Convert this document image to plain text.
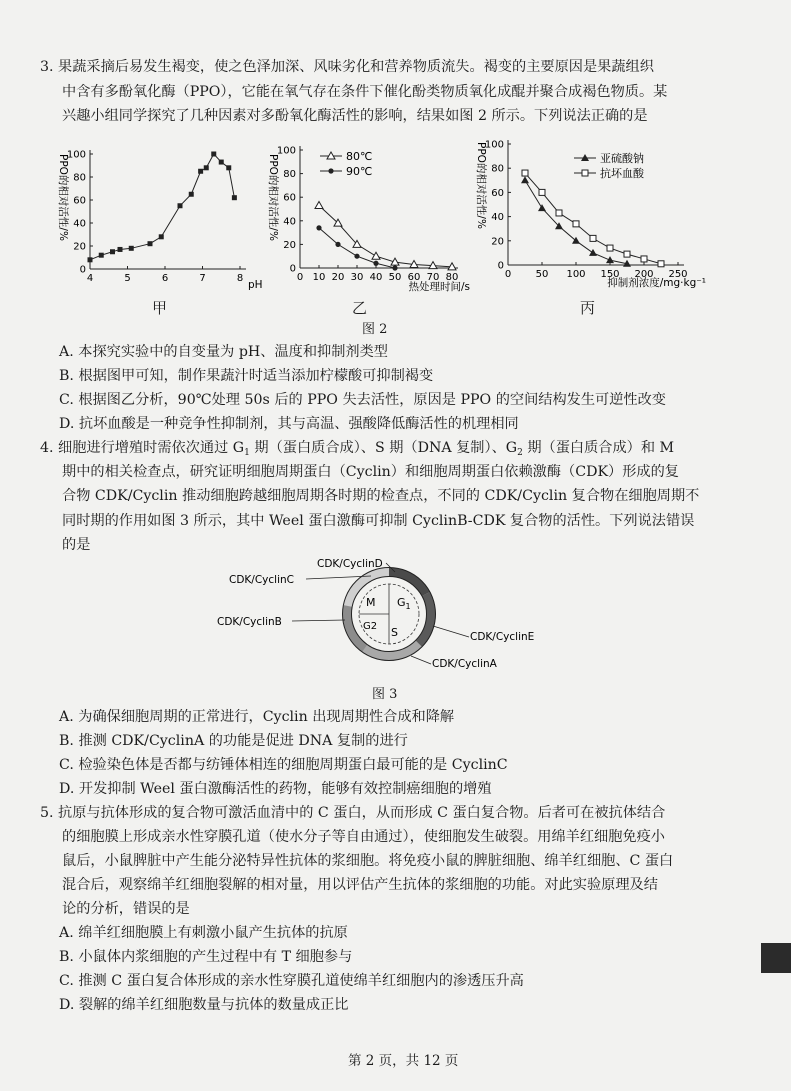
3. 果蔬采摘后易发生褐变，使之色泽加深、风味劣化和营养物质流失。褐变的主要原因是果蔬组织
中含有多酚氧化酶（PPO），它能在氧气存在条件下催化酚类物质氧化成醌并聚合成褐色物质。某
兴趣小组同学探究了几种因素对多酚氧化酶活性的影响，结果如图 2 所示。下列说法正确的是
0
20
40
60
80
100
4	5	6	7	8
PPO的相对活性/%
pH
0
20
40
60
80
100
0 10 20 30 40 50 60 70 80
PPO的相对活性/%
热处理时间/s
80℃
90℃
0
20
40
60
80
100
0 50 100 150 200 250
PPO的相对活性/%
抑制剂浓度/mg·kg⁻¹
亚硫酸钠
抗坏血酸
甲	乙	丙
图 2
A. 本探究实验中的自变量为 pH、温度和抑制剂类型
B. 根据图甲可知，制作果蔬汁时适当添加柠檬酸可抑制褐变
C. 根据图乙分析，90℃处理 50s 后的 PPO 失去活性，原因是 PPO 的空间结构发生可逆性改变
D. 抗坏血酸是一种竞争性抑制剂，其与高温、强酸降低酶活性的机理相同
4. 细胞进行增殖时需依次通过 $G_1$ 期（蛋白质合成）、S 期（DNA 复制）、$G_2$ 期（蛋白质合成）和 M
期中的相关检查点，研究证明细胞周期蛋白（Cyclin）和细胞周期蛋白依赖激酶（CDK）形成的复
合物 CDK/Cyclin 推动细胞跨越细胞周期各时期的检查点，不同的 CDK/Cyclin 复合物在细胞周期不
同时期的作用如图 3 所示，其中 Weel 蛋白激酶可抑制 CyclinB-CDK 复合物的活性。下列说法错误
的是
M $G_1$
G2 S
CDK/CyclinD
CDK/CyclinC
CDK/CyclinB
CDK/CyclinE
CDK/CyclinA
图 3
A. 为确保细胞周期的正常进行，Cyclin 出现周期性合成和降解
B. 推测 CDK/CyclinA 的功能是促进 DNA 复制的进行
C. 检验染色体是否都与纺锤体相连的细胞周期蛋白最可能的是 CyclinC
D. 开发抑制 Weel 蛋白激酶活性的药物，能够有效控制癌细胞的增殖
5. 抗原与抗体形成的复合物可激活血清中的 C 蛋白，从而形成 C 蛋白复合物。后者可在被抗体结合
的细胞膜上形成亲水性穿膜孔道（使水分子等自由通过），使细胞发生破裂。用绵羊红细胞免疫小
鼠后，小鼠脾脏中产生能分泌特异性抗体的浆细胞。将免疫小鼠的脾脏细胞、绵羊红细胞、C 蛋白
混合后，观察绵羊红细胞裂解的相对量，用以评估产生抗体的浆细胞的功能。对此实验原理及结
论的分析，错误的是
A. 绵羊红细胞膜上有刺激小鼠产生抗体的抗原
B. 小鼠体内浆细胞的产生过程中有 T 细胞参与
C. 推测 C 蛋白复合体形成的亲水性穿膜孔道使绵羊红细胞内的渗透压升高
D. 裂解的绵羊红细胞数量与抗体的数量成正比
第 2 页，共 12 页
